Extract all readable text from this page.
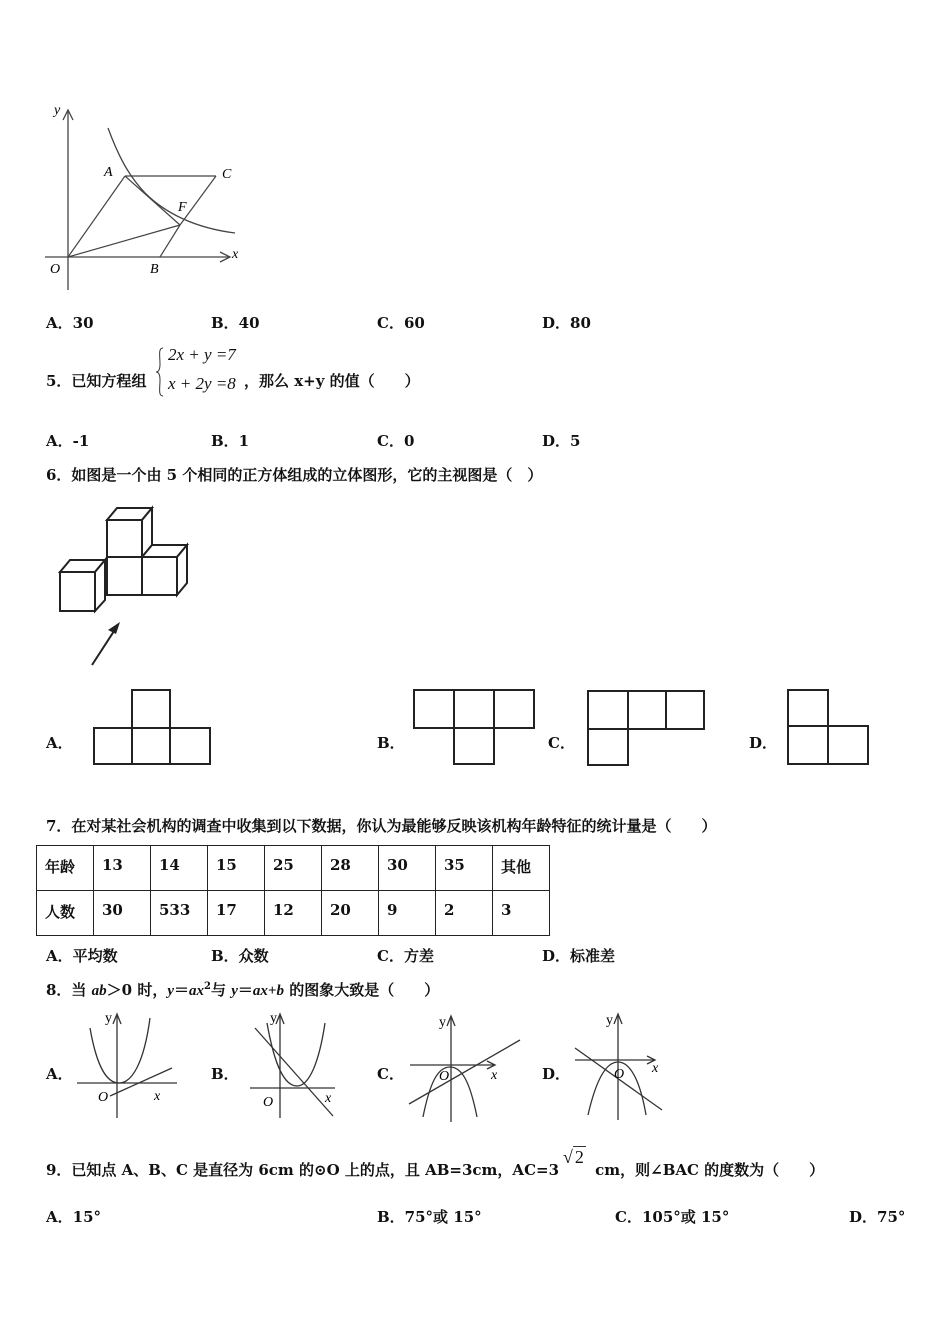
y
x
O
A
B
C
F
A．30	B．40	C．60	D．80
5．已知方程组
2x + y =7
x + 2y =8 ，那么 x+y 的值（　　）
A．-1	B．1	C．0	D．5
6．如图是一个由 5 个相同的正方体组成的立体图形，它的主视图是（　）
A．	B．	C．	D．
7．在对某社会机构的调查中收集到以下数据，你认为最能够反映该机构年龄特征的统计量是（　　）
年龄	13	14	15	25	28	30	35	其他
人数	30	533	17	12	20	9	2	3
A．平均数	B．众数	C．方差	D．标准差
8．当 ab＞0 时，$y=ax^2$与 y＝ax+b 的图象大致是（　　）
A．
y
x
O
B．
y
x
O
C．
y
x
O	D．
y
x
O
9．已知点 A、B、C 是直径为 6cm 的⊙O 上的点，且 AB=3cm，AC=3√ 2 cm，则∠BAC 的度数为（　　）
A．15°	B．75°或 15°	C．105°或 15°	D．75°
